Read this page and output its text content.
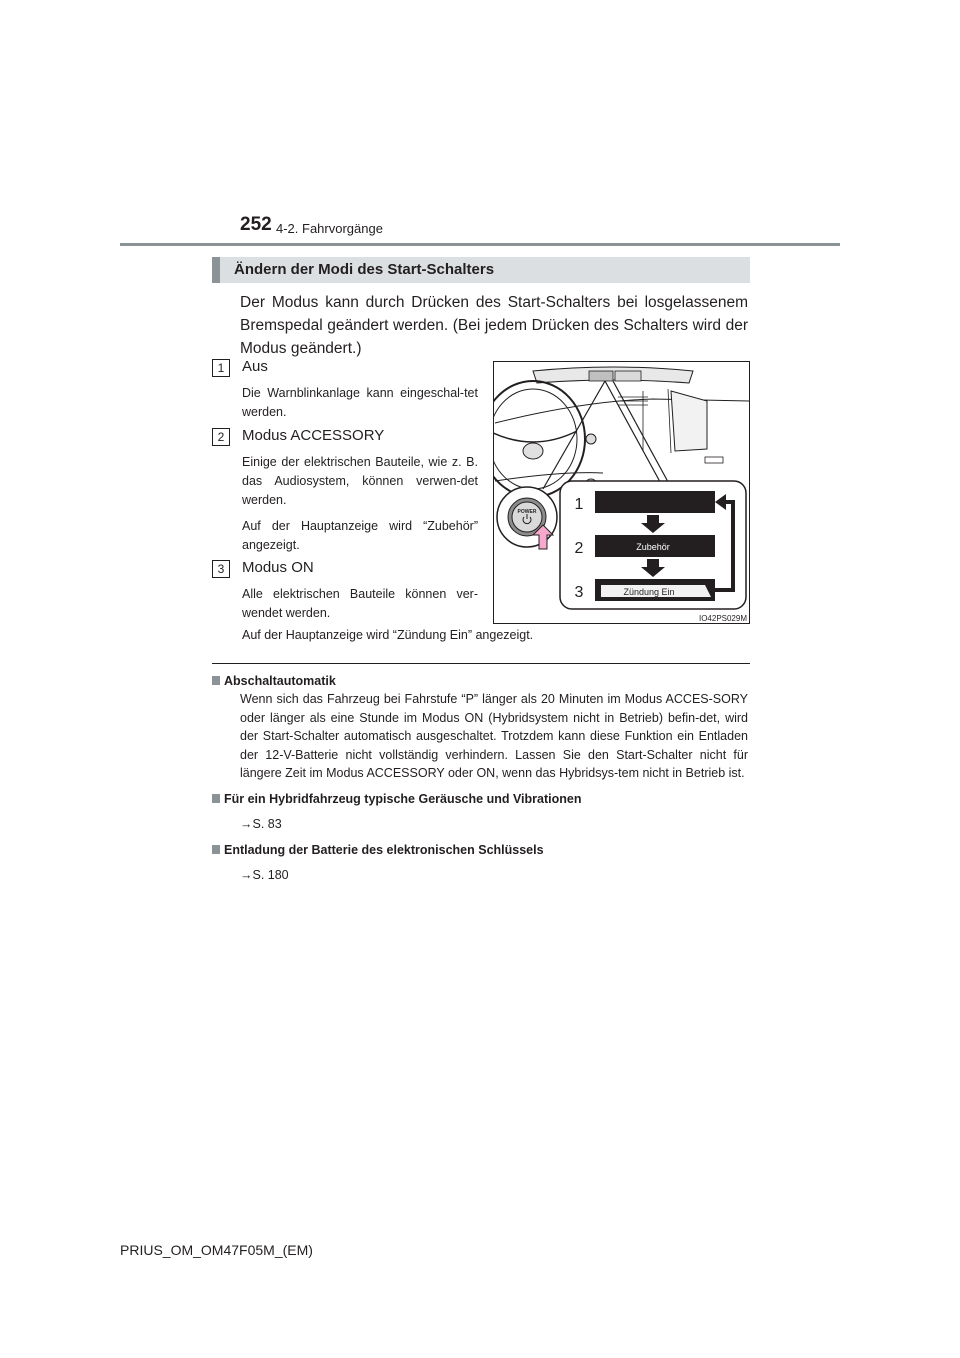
252 4-2. Fahrvorgänge
Ändern der Modi des Start-Schalters
Der Modus kann durch Drücken des Start-Schalters bei losgelassenem Bremspedal geändert werden. (Bei jedem Drücken des Schalters wird der Modus geändert.)
1	Aus
Die Warnblinkanlage kann eingeschal-tet werden.
2	Modus ACCESSORY
Einige der elektrischen Bauteile, wie z. B. das Audiosystem, können verwen-det werden.
Auf der Hauptanzeige wird “Zubehör” angezeigt.
3	Modus ON
Alle elektrischen Bauteile können ver-wendet werden.
Auf der Hauptanzeige wird “Zündung Ein” angezeigt.
POWER
Zubehör
Zündung Ein
1
2
3
IO42PS029M
Abschaltautomatik
Wenn sich das Fahrzeug bei Fahrstufe “P” länger als 20 Minuten im Modus ACCES-SORY oder länger als eine Stunde im Modus ON (Hybridsystem nicht in Betrieb) befin-det, wird der Start-Schalter automatisch ausgeschaltet. Trotzdem kann diese Funktion ein Entladen der 12-V-Batterie nicht vollständig verhindern. Lassen Sie den Start-Schalter nicht für längere Zeit im Modus ACCESSORY oder ON, wenn das Hybridsys-tem nicht in Betrieb ist.
Für ein Hybridfahrzeug typische Geräusche und Vibrationen
→S. 83
Entladung der Batterie des elektronischen Schlüssels
→S. 180
PRIUS_OM_OM47F05M_(EM)
